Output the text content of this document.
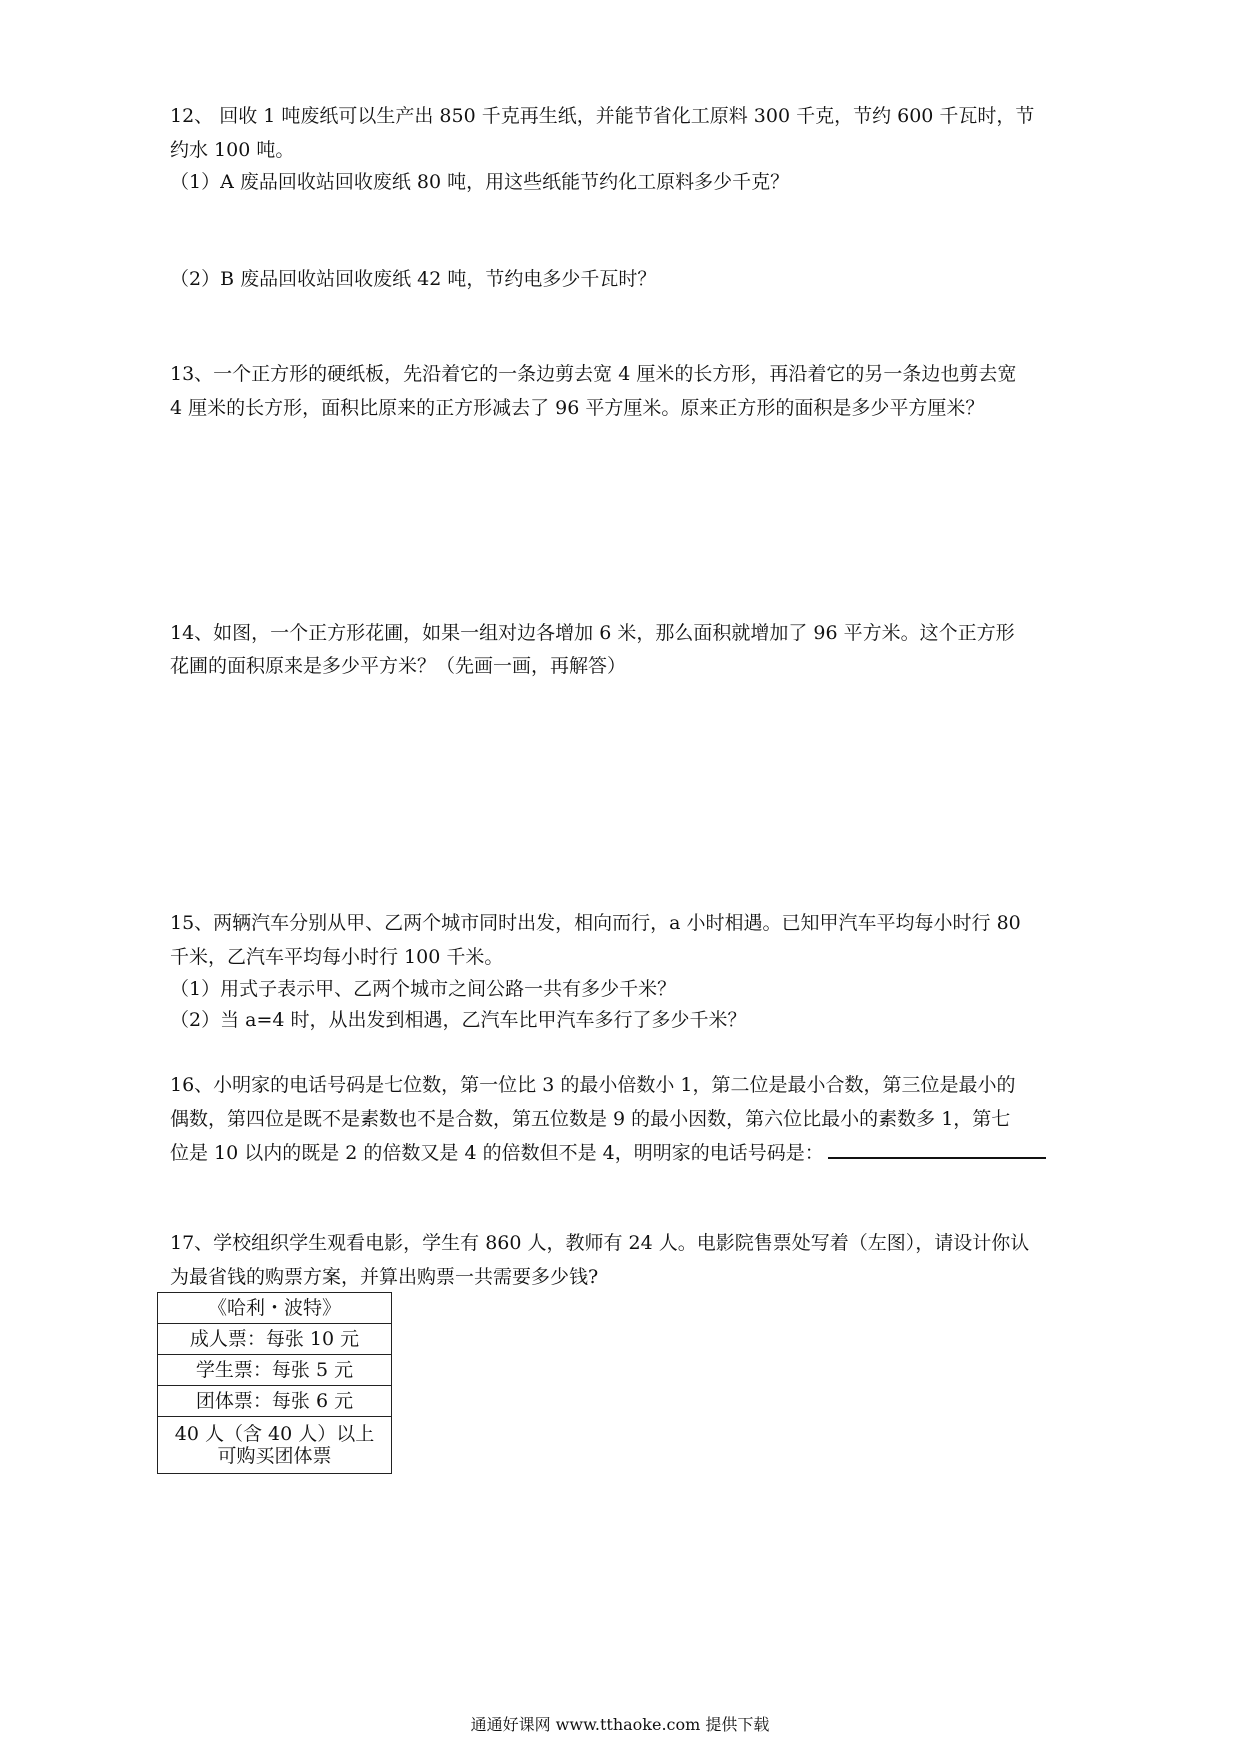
12、 回收 1 吨废纸可以生产出 850 千克再生纸，并能节省化工原料 300 千克，节约 600 千瓦时，节
约水 100 吨。
（1）A 废品回收站回收废纸 80 吨，用这些纸能节约化工原料多少千克？
（2）B 废品回收站回收废纸 42 吨，节约电多少千瓦时？
13、一个正方形的硬纸板，先沿着它的一条边剪去宽 4 厘米的长方形，再沿着它的另一条边也剪去宽
4 厘米的长方形，面积比原来的正方形减去了 96 平方厘米。原来正方形的面积是多少平方厘米？
14、如图，一个正方形花圃，如果一组对边各增加 6 米，那么面积就增加了 96 平方米。这个正方形
花圃的面积原来是多少平方米？（先画一画，再解答）
15、两辆汽车分别从甲、乙两个城市同时出发，相向而行，a 小时相遇。已知甲汽车平均每小时行 80
千米，乙汽车平均每小时行 100 千米。
（1）用式子表示甲、乙两个城市之间公路一共有多少千米？
（2）当 a=4 时，从出发到相遇，乙汽车比甲汽车多行了多少千米？
16、小明家的电话号码是七位数，第一位比 3 的最小倍数小 1，第二位是最小合数，第三位是最小的
偶数，第四位是既不是素数也不是合数，第五位数是 9 的最小因数，第六位比最小的素数多 1，第七
位是 10 以内的既是 2 的倍数又是 4 的倍数但不是 4，明明家的电话号码是：
17、学校组织学生观看电影，学生有 860 人，教师有 24 人。电影院售票处写着（左图），请设计你认
为最省钱的购票方案，并算出购票一共需要多少钱?
《哈利・波特》
成人票：每张 10 元
学生票：每张 5 元
团体票：每张 6 元

40 人（含 40 人）以上
可购买团体票
通通好课网 www.tthaoke.com 提供下载
